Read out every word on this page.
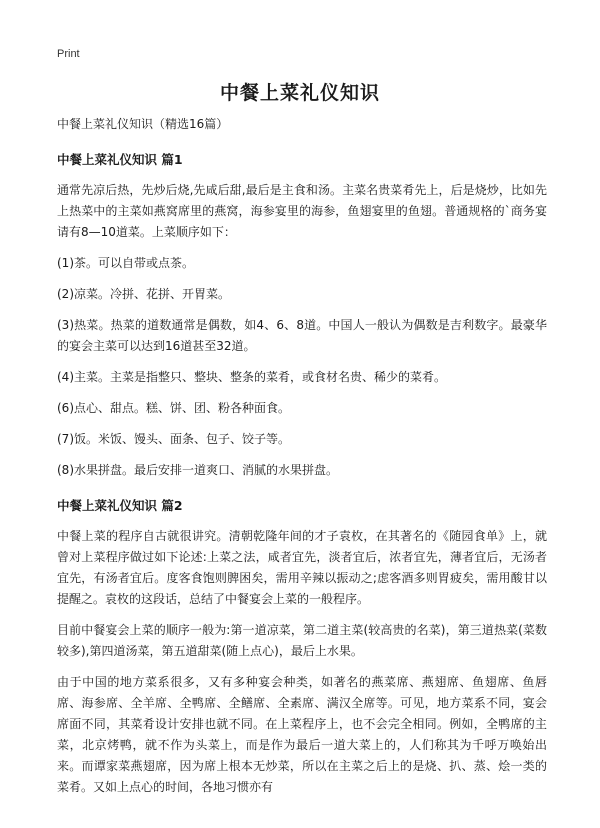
Print
中餐上菜礼仪知识
中餐上菜礼仪知识（精选16篇）
中餐上菜礼仪知识 篇1

通常先凉后热，先炒后烧,先咸后甜,最后是主食和汤。主菜名贵菜肴先上，后是烧炒，比如先上热菜中的主菜如燕窝席里的燕窝，海参宴里的海参，鱼翅宴里的鱼翅。普通规格的`商务宴请有8—10道菜。上菜顺序如下：

(1)茶。可以自带或点茶。

(2)凉菜。冷拼、花拼、开胃菜。

(3)热菜。热菜的道数通常是偶数，如4、6、8道。中国人一般认为偶数是吉利数字。最豪华的宴会主菜可以达到16道甚至32道。

(4)主菜。主菜是指整只、整块、整条的菜肴，或食材名贵、稀少的菜肴。

(6)点心、甜点。糕、饼、团、粉各种面食。

(7)饭。米饭、馒头、面条、包子、饺子等。

(8)水果拼盘。最后安排一道爽口、消腻的水果拼盘。

中餐上菜礼仪知识 篇2

中餐上菜的程序自古就很讲究。清朝乾隆年间的才子袁枚，在其著名的《随园食单》上，就曾对上菜程序做过如下论述:上菜之法，咸者宜先，淡者宜后，浓者宜先，薄者宜后，无汤者宜先，有汤者宜后。度客食饱则脾困矣，需用辛辣以振动之;虑客酒多则胃疲矣，需用酸甘以提醒之。袁枚的这段话，总结了中餐宴会上菜的一般程序。

目前中餐宴会上菜的顺序一般为:第一道凉菜，第二道主菜(较高贵的名菜)，第三道热菜(菜数较多),第四道汤菜，第五道甜菜(随上点心)，最后上水果。

由于中国的地方菜系很多，又有多种宴会种类，如著名的燕菜席、燕翅席、鱼翅席、鱼唇席、海参席、全羊席、全鸭席、全鳝席、全素席、满汉全席等。可见，地方菜系不同，宴会席面不同，其菜肴设计安排也就不同。在上菜程序上，也不会完全相同。例如，全鸭席的主菜，北京烤鸭，就不作为头菜上，而是作为最后一道大菜上的，人们称其为千呼万唤始出来。而谭家菜燕翅席，因为席上根本无炒菜，所以在主菜之后上的是烧、扒、蒸、烩一类的菜肴。又如上点心的时间，各地习惯亦有
